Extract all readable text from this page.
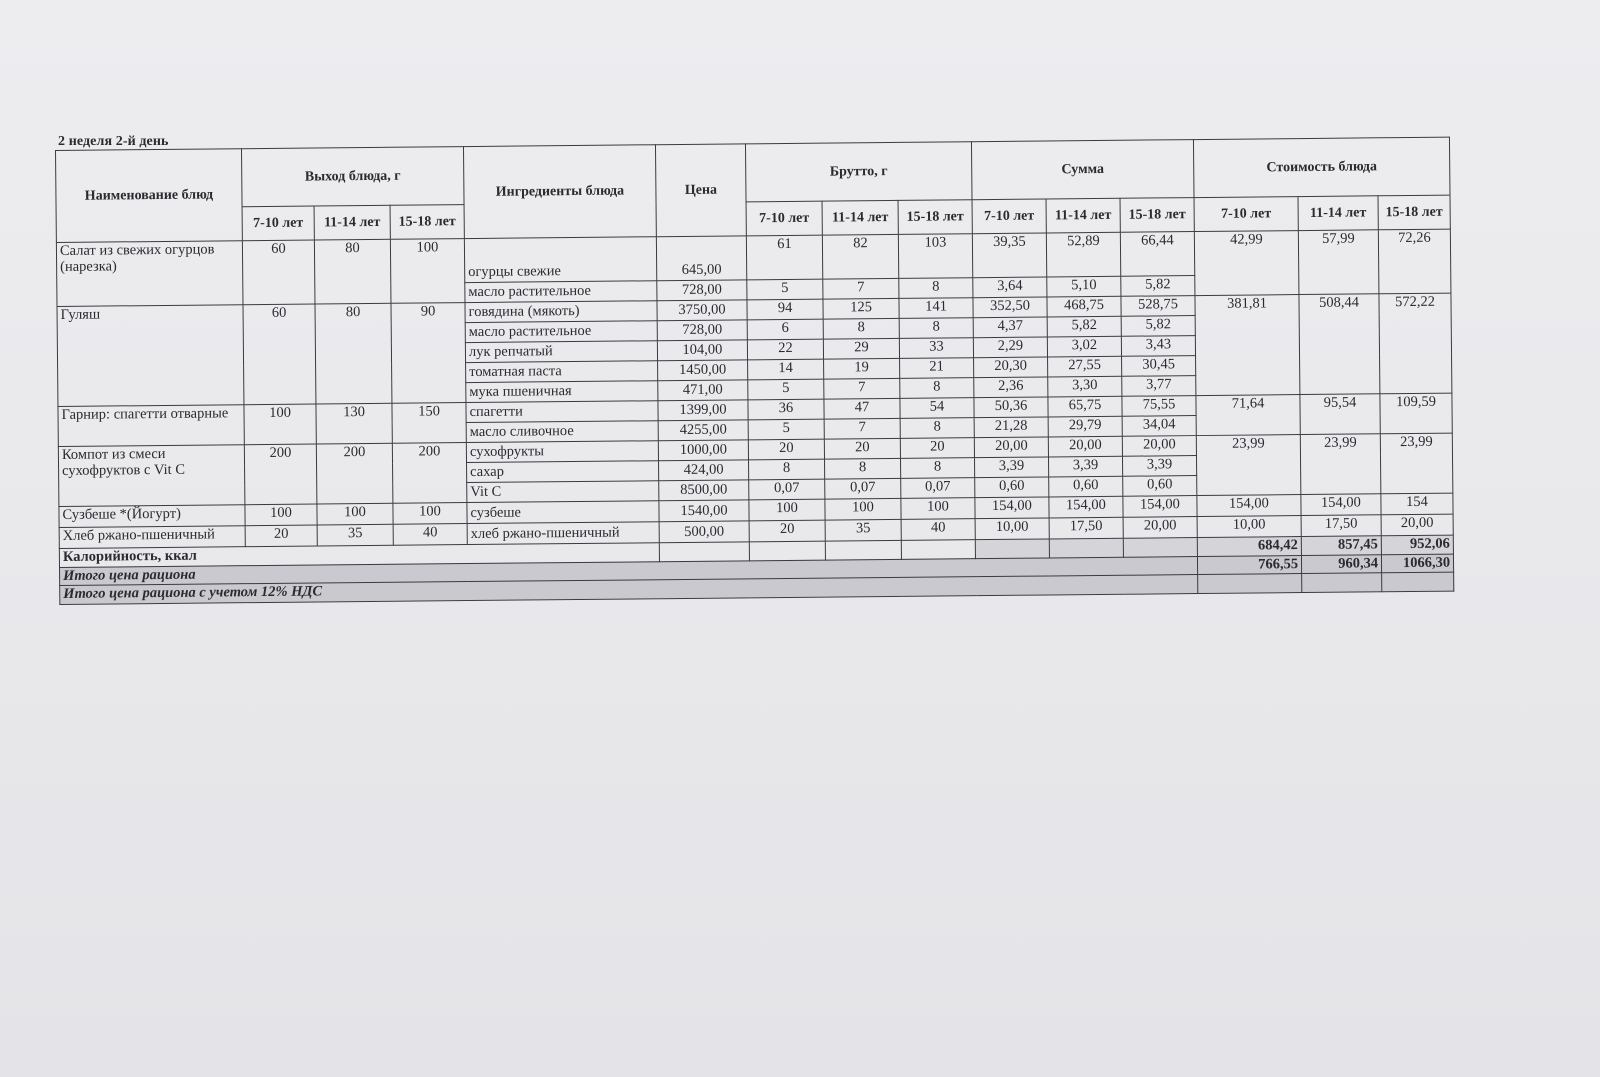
2 неделя 2-й день
Наименование блюд	Выход блюда, г			Ингредиенты блюда	Цена	Брутто, г			Сумма			Стоимость блюда		
	7-10 лет	11-14 лет	15-18 лет			7-10 лет	11-14 лет	15-18 лет	7-10 лет	11-14 лет	15-18 лет	7-10 лет	11-14 лет	15-18 лет
Салат из свежих огурцов (нарезка)	60	80	100	огурцы свежие	645,00	61	82	103	39,35	52,89	66,44	42,99	57,99	72,26
				масло растительное	728,00	5	7	8	3,64	5,10	5,82			
Гуляш	60	80	90	говядина (мякоть)	3750,00	94	125	141	352,50	468,75	528,75	381,81	508,44	572,22
				масло растительное	728,00	6	8	8	4,37	5,82	5,82			
				лук репчатый	104,00	22	29	33	2,29	3,02	3,43			
				томатная паста	1450,00	14	19	21	20,30	27,55	30,45			
				мука пшеничная	471,00	5	7	8	2,36	3,30	3,77			
Гарнир: спагетти отварные	100	130	150	спагетти	1399,00	36	47	54	50,36	65,75	75,55	71,64	95,54	109,59
				масло сливочное	4255,00	5	7	8	21,28	29,79	34,04			
Компот из смеси сухофруктов с Vit C	200	200	200	сухофрукты	1000,00	20	20	20	20,00	20,00	20,00	23,99	23,99	23,99
				сахар	424,00	8	8	8	3,39	3,39	3,39			
				Vit C	8500,00	0,07	0,07	0,07	0,60	0,60	0,60			
Сузбеше *(Йогурт)	100	100	100	сузбеше	1540,00	100	100	100	154,00	154,00	154,00	154,00	154,00	154
Хлеб ржано-пшеничный	20	35	40	хлеб ржано-пшеничный	500,00	20	35	40	10,00	17,50	20,00	10,00	17,50	20,00
Калорийность, ккал												684,42	857,45	952,06
Итого цена рациона												766,55	960,34	1066,30
Итого цена рациона с учетом 12% НДС														
